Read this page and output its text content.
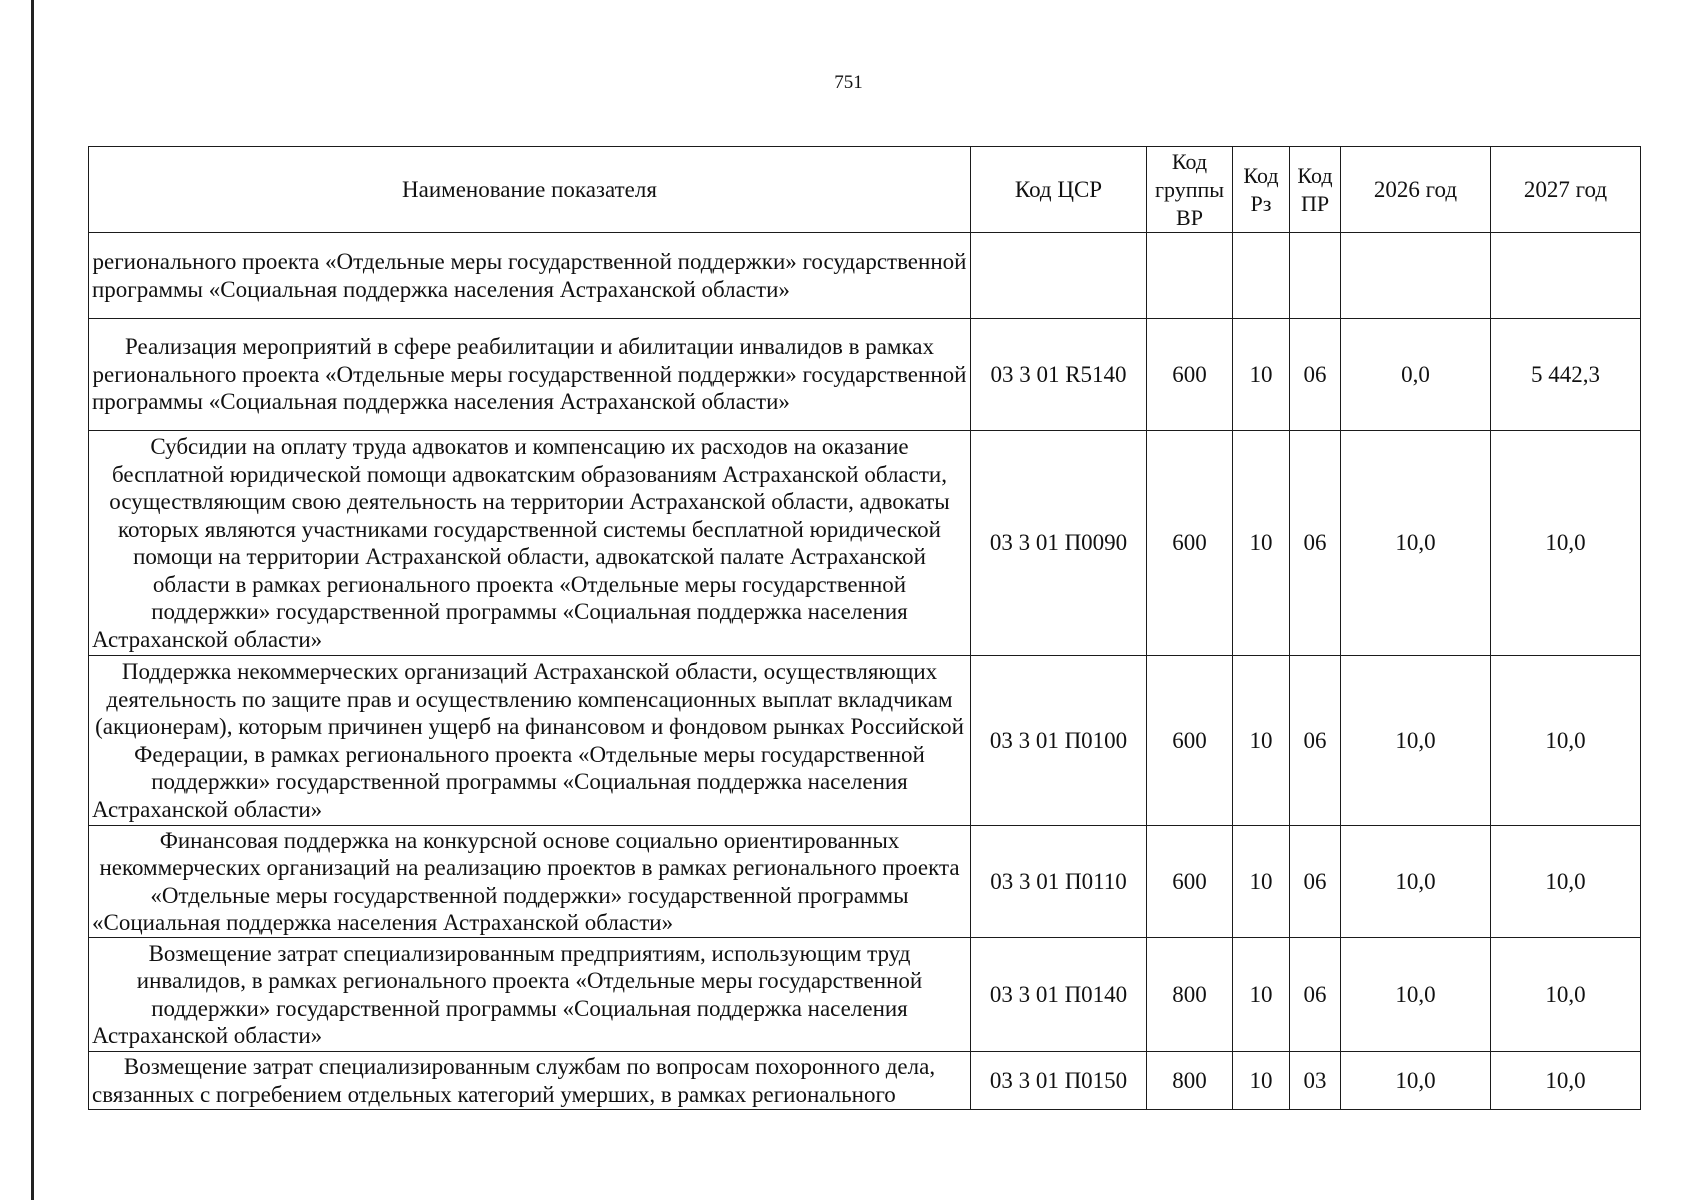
751
Наименование показателя	Код ЦСР	Код группы ВР	Код Рз	Код ПР	2026 год	2027 год
регионального проекта «Отдельные меры государственной поддержки» государственной программы «Социальная поддержка населения Астраханской области»						
Реализация мероприятий в сфере реабилитации и абилитации инвалидов в рамках регионального проекта «Отдельные меры государственной поддержки» государственной программы «Социальная поддержка населения Астраханской области»	03 3 01 R5140	600	10	06	0,0	5 442,3
Субсидии на оплату труда адвокатов и компенсацию их расходов на оказание бесплатной юридической помощи адвокатским образованиям Астраханской области, осуществляющим свою деятельность на территории Астраханской области, адвокаты которых являются участниками государственной системы бесплатной юридической помощи на территории Астраханской области, адвокатской палате Астраханской области в рамках регионального проекта «Отдельные меры государственной поддержки» государственной программы «Социальная поддержка населения Астраханской области»	03 3 01 П0090	600	10	06	10,0	10,0
Поддержка некоммерческих организаций Астраханской области, осуществляющих деятельность по защите прав и осуществлению компенсационных выплат вкладчикам (акционерам), которым причинен ущерб на финансовом и фондовом рынках Российской Федерации, в рамках регионального проекта «Отдельные меры государственной поддержки» государственной программы «Социальная поддержка населения Астраханской области»	03 3 01 П0100	600	10	06	10,0	10,0
Финансовая поддержка на конкурсной основе социально ориентированных некоммерческих организаций на реализацию проектов в рамках регионального проекта «Отдельные меры государственной поддержки» государственной программы «Социальная поддержка населения Астраханской области»	03 3 01 П0110	600	10	06	10,0	10,0
Возмещение затрат специализированным предприятиям, использующим труд инвалидов, в рамках регионального проекта «Отдельные меры государственной поддержки» государственной программы «Социальная поддержка населения Астраханской области»	03 3 01 П0140	800	10	06	10,0	10,0
Возмещение затрат специализированным службам по вопросам похоронного дела, связанных с погребением отдельных категорий умерших, в рамках регионального	03 3 01 П0150	800	10	03	10,0	10,0
